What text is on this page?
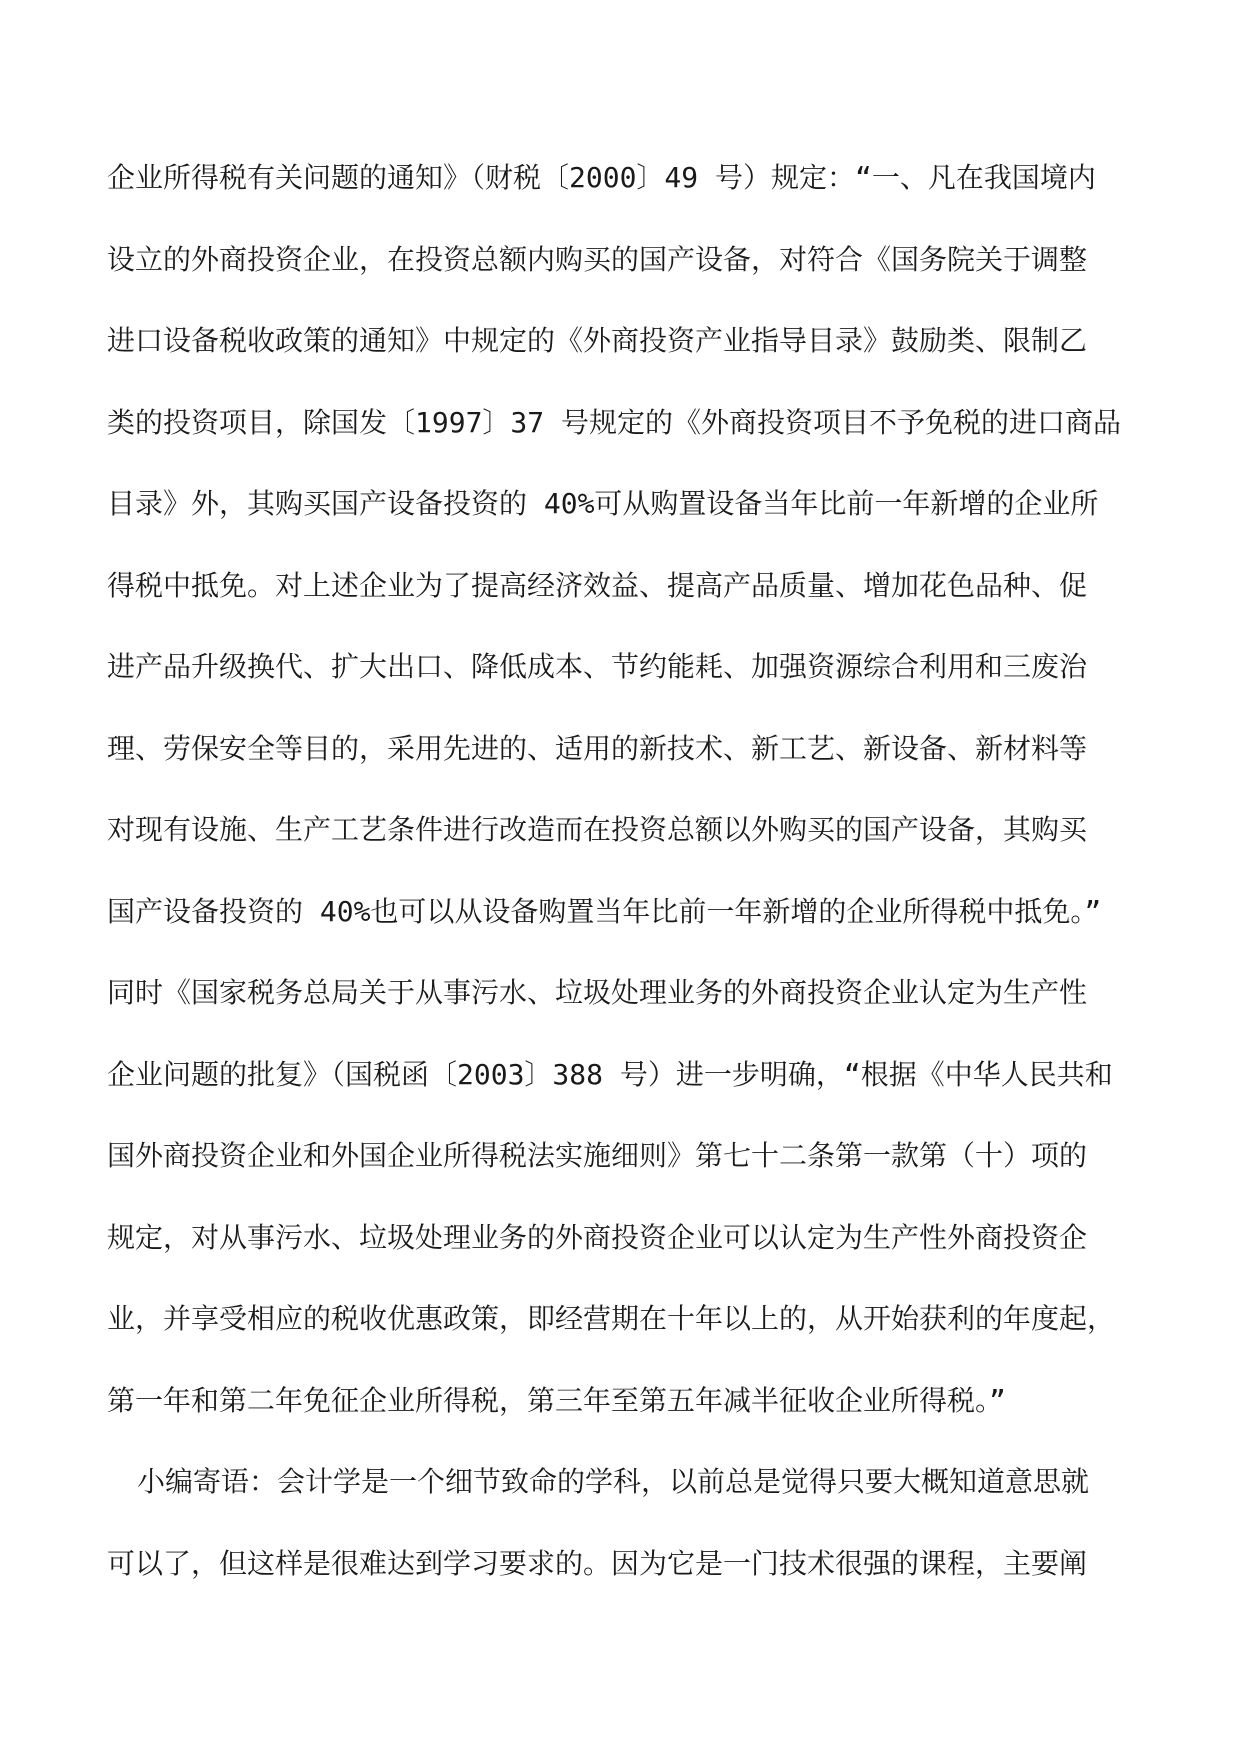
企业所得税有关问题的通知》（财税〔2000〕49 号）规定：“一、凡在我国境内
设立的外商投资企业，在投资总额内购买的国产设备，对符合《国务院关于调整
进口设备税收政策的通知》中规定的《外商投资产业指导目录》鼓励类、限制乙
类的投资项目，除国发〔1997〕37 号规定的《外商投资项目不予免税的进口商品
目录》外，其购买国产设备投资的 40%可从购置设备当年比前一年新增的企业所
得税中抵免。对上述企业为了提高经济效益、提高产品质量、增加花色品种、促
进产品升级换代、扩大出口、降低成本、节约能耗、加强资源综合利用和三废治
理、劳保安全等目的，采用先进的、适用的新技术、新工艺、新设备、新材料等
对现有设施、生产工艺条件进行改造而在投资总额以外购买的国产设备，其购买
国产设备投资的 40%也可以从设备购置当年比前一年新增的企业所得税中抵免。”
同时《国家税务总局关于从事污水、垃圾处理业务的外商投资企业认定为生产性
企业问题的批复》（国税函〔2003〕388 号）进一步明确，“根据《中华人民共和
国外商投资企业和外国企业所得税法实施细则》第七十二条第一款第（十）项的
规定，对从事污水、垃圾处理业务的外商投资企业可以认定为生产性外商投资企
业，并享受相应的税收优惠政策，即经营期在十年以上的，从开始获利的年度起，
第一年和第二年免征企业所得税，第三年至第五年减半征收企业所得税。”
小编寄语：会计学是一个细节致命的学科，以前总是觉得只要大概知道意思就
可以了，但这样是很难达到学习要求的。因为它是一门技术很强的课程，主要阐
